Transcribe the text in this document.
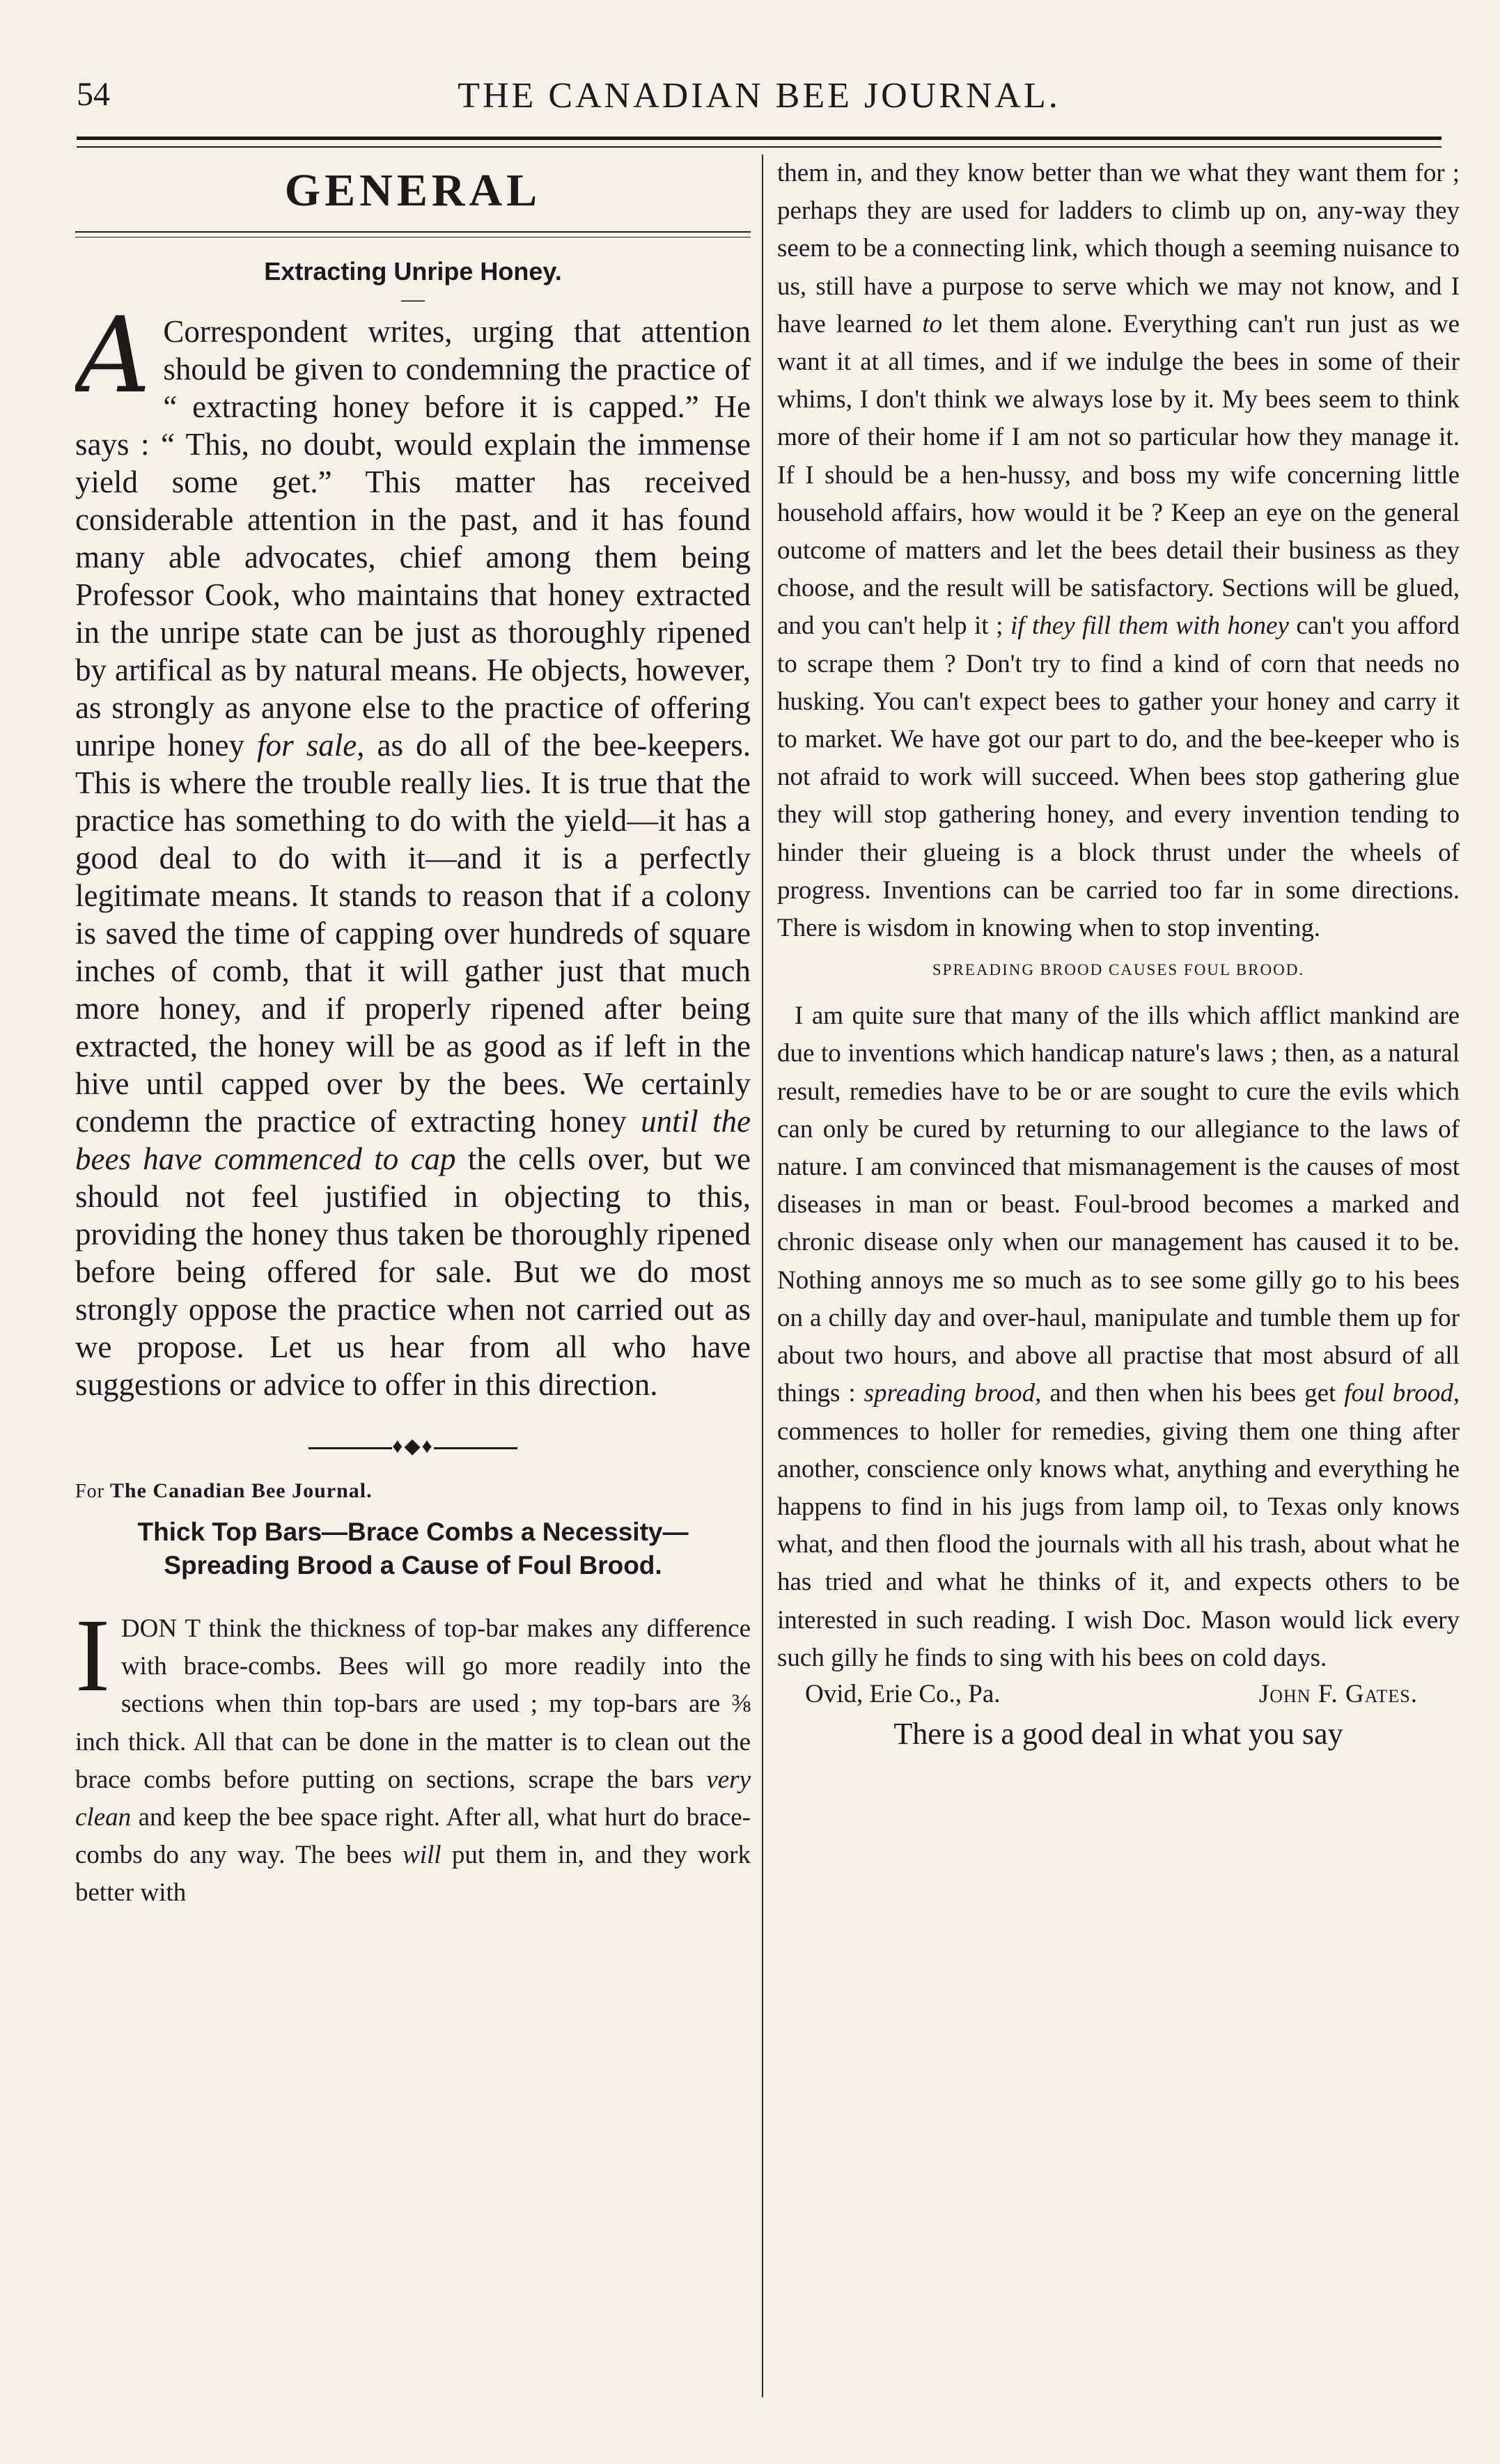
54	THE CANADIAN BEE JOURNAL.
GENERAL
Extracting Unripe Honey.
—

A Correspondent writes, urging that attention should be given to condemning the practice of “ extracting honey before it is capped.” He says : “ This, no doubt, would explain the immense yield some get.” This matter has received considerable attention in the past, and it has found many able advocates, chief among them being Professor Cook, who maintains that honey extracted in the unripe state can be just as thoroughly ripened by artifical as by natural means. He objects, however, as strongly as anyone else to the practice of offering unripe honey for sale, as do all of the bee-keepers. This is where the trouble really lies. It is true that the practice has something to do with the yield—it has a good deal to do with it—and it is a perfectly legitimate means. It stands to reason that if a colony is saved the time of capping over hundreds of square inches of comb, that it will gather just that much more honey, and if properly ripened after being extracted, the honey will be as good as if left in the hive until capped over by the bees. We certainly condemn the practice of extracting honey until the bees have commenced to cap the cells over, but we should not feel justified in objecting to this, providing the honey thus taken be thoroughly ripened before being offered for sale. But we do most strongly oppose the practice when not carried out as we propose. Let us hear from all who have suggestions or advice to offer in this direction.

♦◆♦
For The Canadian Bee Journal.
Thick Top Bars—Brace Combs a Necessity—Spreading Brood a Cause of Foul Brood.

IDON T think the thickness of top-bar makes any difference with brace-combs. Bees will go more readily into the sections when thin top-bars are used ; my top-bars are ⅜ inch thick. All that can be done in the matter is to clean out the brace combs before putting on sections, scrape the bars very clean and keep the bee space right. After all, what hurt do brace-combs do any way. The bees will put them in, and they work better with

them in, and they know better than we what they want them for ; perhaps they are used for ladders to climb up on, any-way they seem to be a connecting link, which though a seeming nuisance to us, still have a purpose to serve which we may not know, and I have learned to let them alone. Everything can't run just as we want it at all times, and if we indulge the bees in some of their whims, I don't think we always lose by it. My bees seem to think more of their home if I am not so particular how they manage it. If I should be a hen-hussy, and boss my wife concerning little household affairs, how would it be ? Keep an eye on the general outcome of matters and let the bees detail their business as they choose, and the result will be satisfactory. Sections will be glued, and you can't help it ; if they fill them with honey can't you afford to scrape them ? Don't try to find a kind of corn that needs no husking. You can't expect bees to gather your honey and carry it to market. We have got our part to do, and the bee-keeper who is not afraid to work will succeed. When bees stop gathering glue they will stop gathering honey, and every invention tending to hinder their glueing is a block thrust under the wheels of progress. Inventions can be carried too far in some directions. There is wisdom in knowing when to stop inventing.

SPREADING BROOD CAUSES FOUL BROOD.

I am quite sure that many of the ills which afflict mankind are due to inventions which handicap nature's laws ; then, as a natural result, remedies have to be or are sought to cure the evils which can only be cured by returning to our allegiance to the laws of nature. I am convinced that mismanagement is the causes of most diseases in man or beast. Foul-brood becomes a marked and chronic disease only when our management has caused it to be. Nothing annoys me so much as to see some gilly go to his bees on a chilly day and over-haul, manipulate and tumble them up for about two hours, and above all practise that most absurd of all things : spreading brood, and then when his bees get foul brood, commences to holler for remedies, giving them one thing after another, conscience only knows what, anything and everything he happens to find in his jugs from lamp oil, to Texas only knows what, and then flood the journals with all his trash, about what he has tried and what he thinks of it, and expects others to be interested in such reading. I wish Doc. Mason would lick every such gilly he finds to sing with his bees on cold days.

Ovid, Erie Co., Pa.	John F. Gates.
There is a good deal in what you say
